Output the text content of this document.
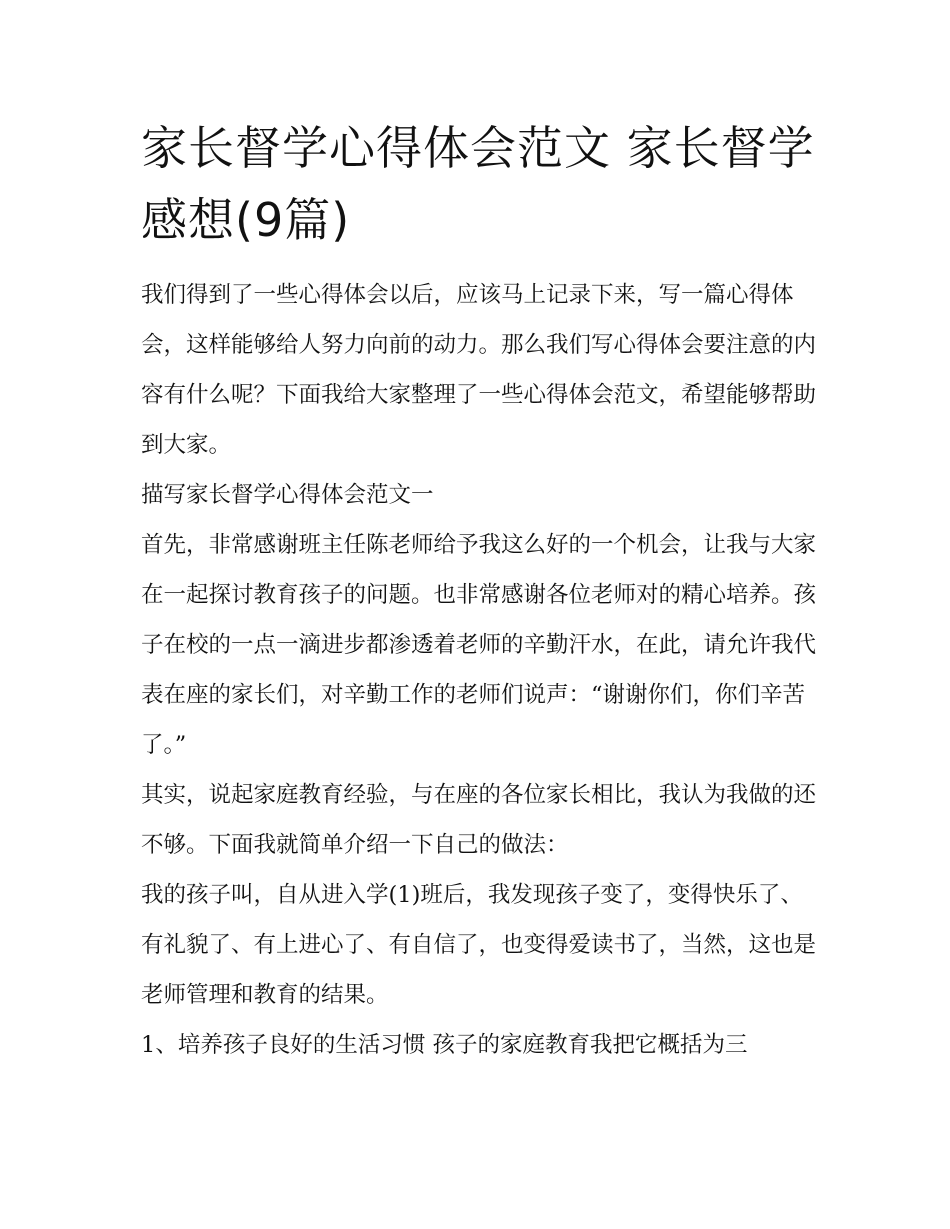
家长督学心得体会范文 家长督学感想(9篇)

我们得到了一些心得体会以后，应该马上记录下来，写一篇心得体会，这样能够给人努力向前的动力。那么我们写心得体会要注意的内容有什么呢？下面我给大家整理了一些心得体会范文，希望能够帮助到大家。

描写家长督学心得体会范文一

首先，非常感谢班主任陈老师给予我这么好的一个机会，让我与大家在一起探讨教育孩子的问题。也非常感谢各位老师对的精心培养。孩子在校的一点一滴进步都渗透着老师的辛勤汗水，在此，请允许我代表在座的家长们，对辛勤工作的老师们说声：“谢谢你们，你们辛苦了。”

其实，说起家庭教育经验，与在座的各位家长相比，我认为我做的还不够。下面我就简单介绍一下自己的做法：

我的孩子叫，自从进入学(1)班后，我发现孩子变了，变得快乐了、有礼貌了、有上进心了、有自信了，也变得爱读书了，当然，这也是老师管理和教育的结果。

1、培养孩子良好的生活习惯 孩子的家庭教育我把它概括为三
